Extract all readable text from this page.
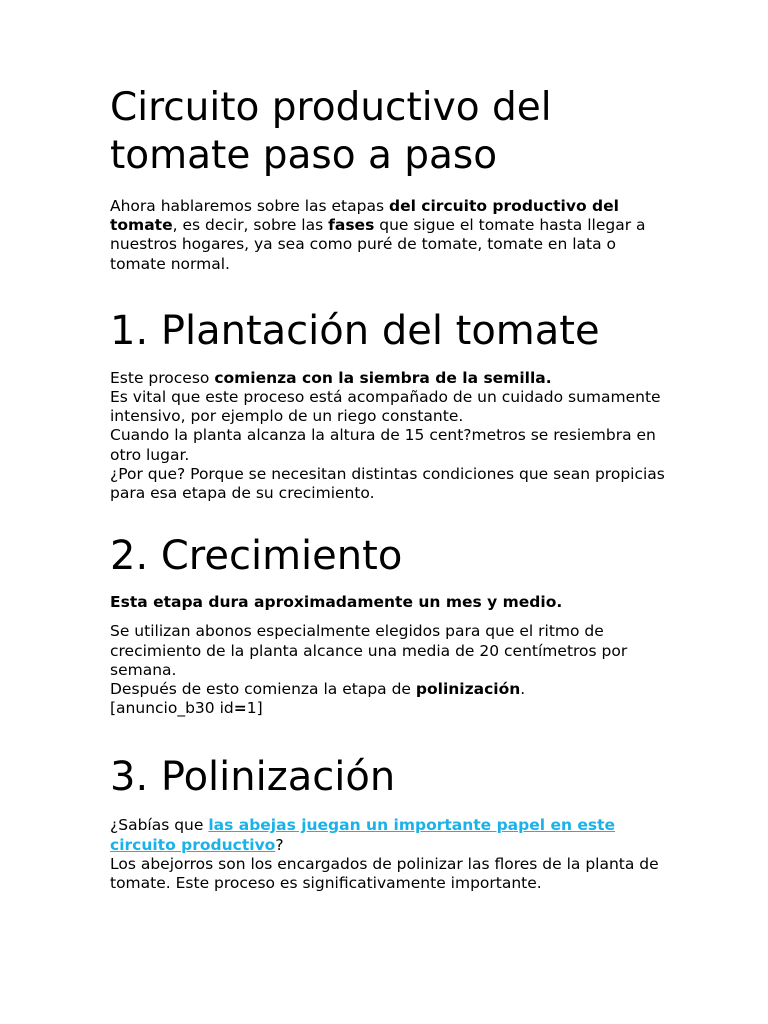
Circuito productivo del
tomate paso a paso

Ahora hablaremos sobre las etapas del circuito productivo del tomate, es decir, sobre las fases que sigue el tomate hasta llegar a nuestros hogares, ya sea como puré de tomate, tomate en lata o tomate normal.

1. Plantación del tomate

Este proceso comienza con la siembra de la semilla.
Es vital que este proceso está acompañado de un cuidado sumamente intensivo, por ejemplo de un riego constante.
Cuando la planta alcanza la altura de 15 cent?metros se resiembra en otro lugar.
¿Por que? Porque se necesitan distintas condiciones que sean propicias para esa etapa de su crecimiento.

2. Crecimiento

Esta etapa dura aproximadamente un mes y medio.

Se utilizan abonos especialmente elegidos para que el ritmo de crecimiento de la planta alcance una media de 20 centímetros por semana.
Después de esto comienza la etapa de polinización.
[anuncio_b30 id=1]

3. Polinización

¿Sabías que las abejas juegan un importante papel en este circuito productivo?
Los abejorros son los encargados de polinizar las flores de la planta de tomate. Este proceso es significativamente importante.
